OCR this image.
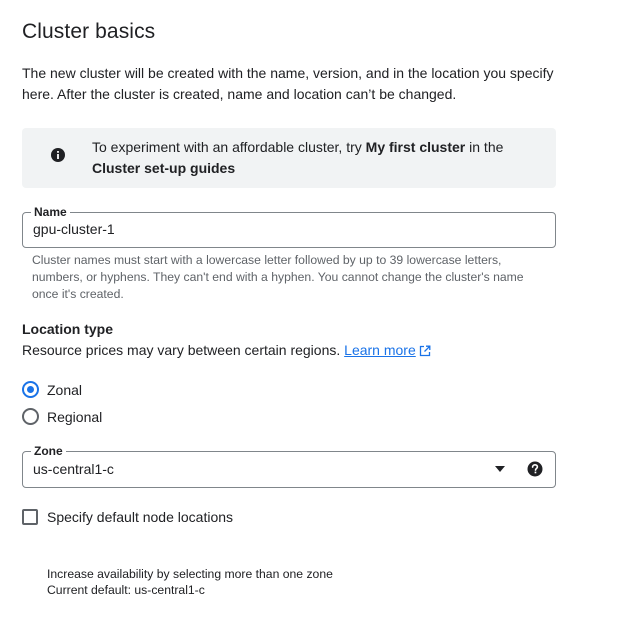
Cluster basics

The new cluster will be created with the name, version, and in the location you specify here. After the cluster is created, name and location can’t be changed.

To experiment with an affordable cluster, try My first cluster in the Cluster set-up guides

Name
gpu-cluster-1

Cluster names must start with a lowercase letter followed by up to 39 lowercase letters, numbers, or hyphens. They can't end with a hyphen. You cannot change the cluster's name once it's created.

Location type
Resource prices may vary between certain regions. Learn more
Zonal
Regional
Zone
us-central1-c
Specify default node locations
Increase availability by selecting more than one zone
Current default: us-central1-c
